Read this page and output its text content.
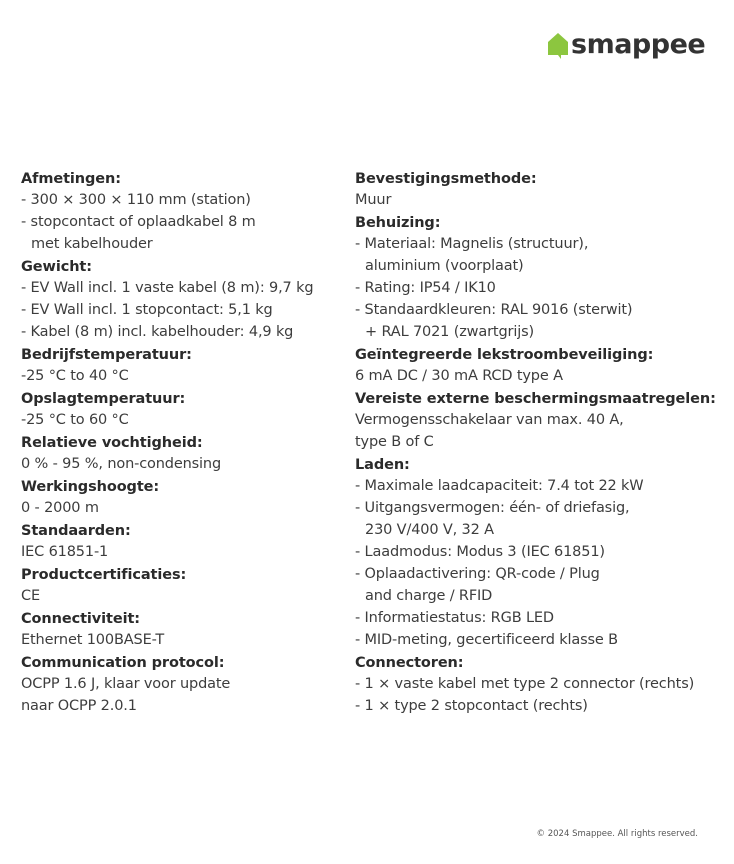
smappee
Afmetingen:
- 300 × 300 × 110 mm (station)
- stopcontact of oplaadkabel 8 m
met kabelhouder
Gewicht:
- EV Wall incl. 1 vaste kabel (8 m): 9,7 kg
- EV Wall incl. 1 stopcontact: 5,1 kg
- Kabel (8 m) incl. kabelhouder: 4,9 kg
Bedrijfstemperatuur:
-25 °C to 40 °C
Opslagtemperatuur:
-25 °C to 60 °C
Relatieve vochtigheid:
0 % - 95 %, non-condensing
Werkingshoogte:
0 - 2000 m
Standaarden:
IEC 61851-1
Productcertificaties:
CE
Connectiviteit:
Ethernet 100BASE-T
Communication protocol:
OCPP 1.6 J, klaar voor update
naar OCPP 2.0.1
Bevestigingsmethode:
Muur
Behuizing:
- Materiaal: Magnelis (structuur),
aluminium (voorplaat)
- Rating: IP54 / IK10
- Standaardkleuren: RAL 9016 (sterwit)
+ RAL 7021 (zwartgrijs)
Geïntegreerde lekstroombeveiliging:
6 mA DC / 30 mA RCD type A
Vereiste externe beschermingsmaatregelen:
Vermogensschakelaar van max. 40 A,
type B of C
Laden:
- Maximale laadcapaciteit: 7.4 tot 22 kW
- Uitgangsvermogen: één- of driefasig,
230 V/400 V, 32 A
- Laadmodus: Modus 3 (IEC 61851)
- Oplaadactivering: QR-code / Plug
and charge / RFID
- Informatiestatus: RGB LED
- MID-meting, gecertificeerd klasse B
Connectoren:
- 1 × vaste kabel met type 2 connector (rechts)
- 1 × type 2 stopcontact (rechts)
© 2024 Smappee. All rights reserved.
